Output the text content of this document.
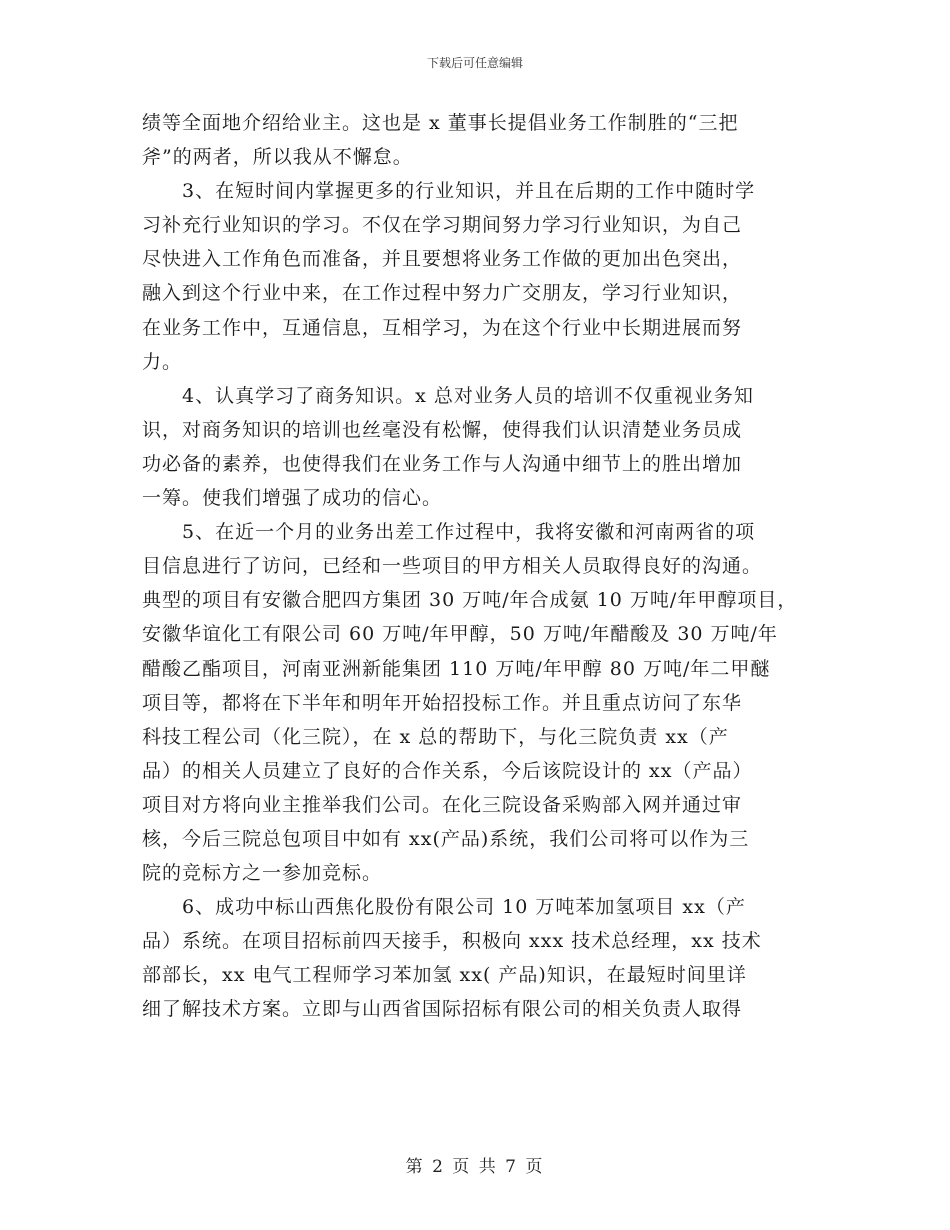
下载后可任意编辑
绩等全面地介绍给业主。这也是 x 董事长提倡业务工作制胜的“三把
斧”的两者，所以我从不懈怠。
3、在短时间内掌握更多的行业知识，并且在后期的工作中随时学
习补充行业知识的学习。不仅在学习期间努力学习行业知识，为自己
尽快进入工作角色而准备，并且要想将业务工作做的更加出色突出，
融入到这个行业中来，在工作过程中努力广交朋友，学习行业知识，
在业务工作中，互通信息，互相学习，为在这个行业中长期进展而努
力。
4、认真学习了商务知识。x 总对业务人员的培训不仅重视业务知
识，对商务知识的培训也丝毫没有松懈，使得我们认识清楚业务员成
功必备的素养，也使得我们在业务工作与人沟通中细节上的胜出增加
一筹。使我们增强了成功的信心。
5、在近一个月的业务出差工作过程中，我将安徽和河南两省的项
目信息进行了访问，已经和一些项目的甲方相关人员取得良好的沟通。
典型的项目有安徽合肥四方集团 30 万吨/年合成氨 10 万吨/年甲醇项目，
安徽华谊化工有限公司 60 万吨/年甲醇，50 万吨/年醋酸及 30 万吨/年
醋酸乙酯项目，河南亚洲新能集团 110 万吨/年甲醇 80 万吨/年二甲醚
项目等，都将在下半年和明年开始招投标工作。并且重点访问了东华
科技工程公司（化三院），在 x 总的帮助下，与化三院负责 xx（产
品）的相关人员建立了良好的合作关系，今后该院设计的 xx（产品）
项目对方将向业主推举我们公司。在化三院设备采购部入网并通过审
核，今后三院总包项目中如有 xx(产品)系统，我们公司将可以作为三
院的竞标方之一参加竞标。
6、成功中标山西焦化股份有限公司 10 万吨苯加氢项目 xx（产
品）系统。在项目招标前四天接手，积极向 xxx 技术总经理，xx 技术
部部长，xx 电气工程师学习苯加氢 xx( 产品)知识，在最短时间里详
细了解技术方案。立即与山西省国际招标有限公司的相关负责人取得
第 2 页 共 7 页
